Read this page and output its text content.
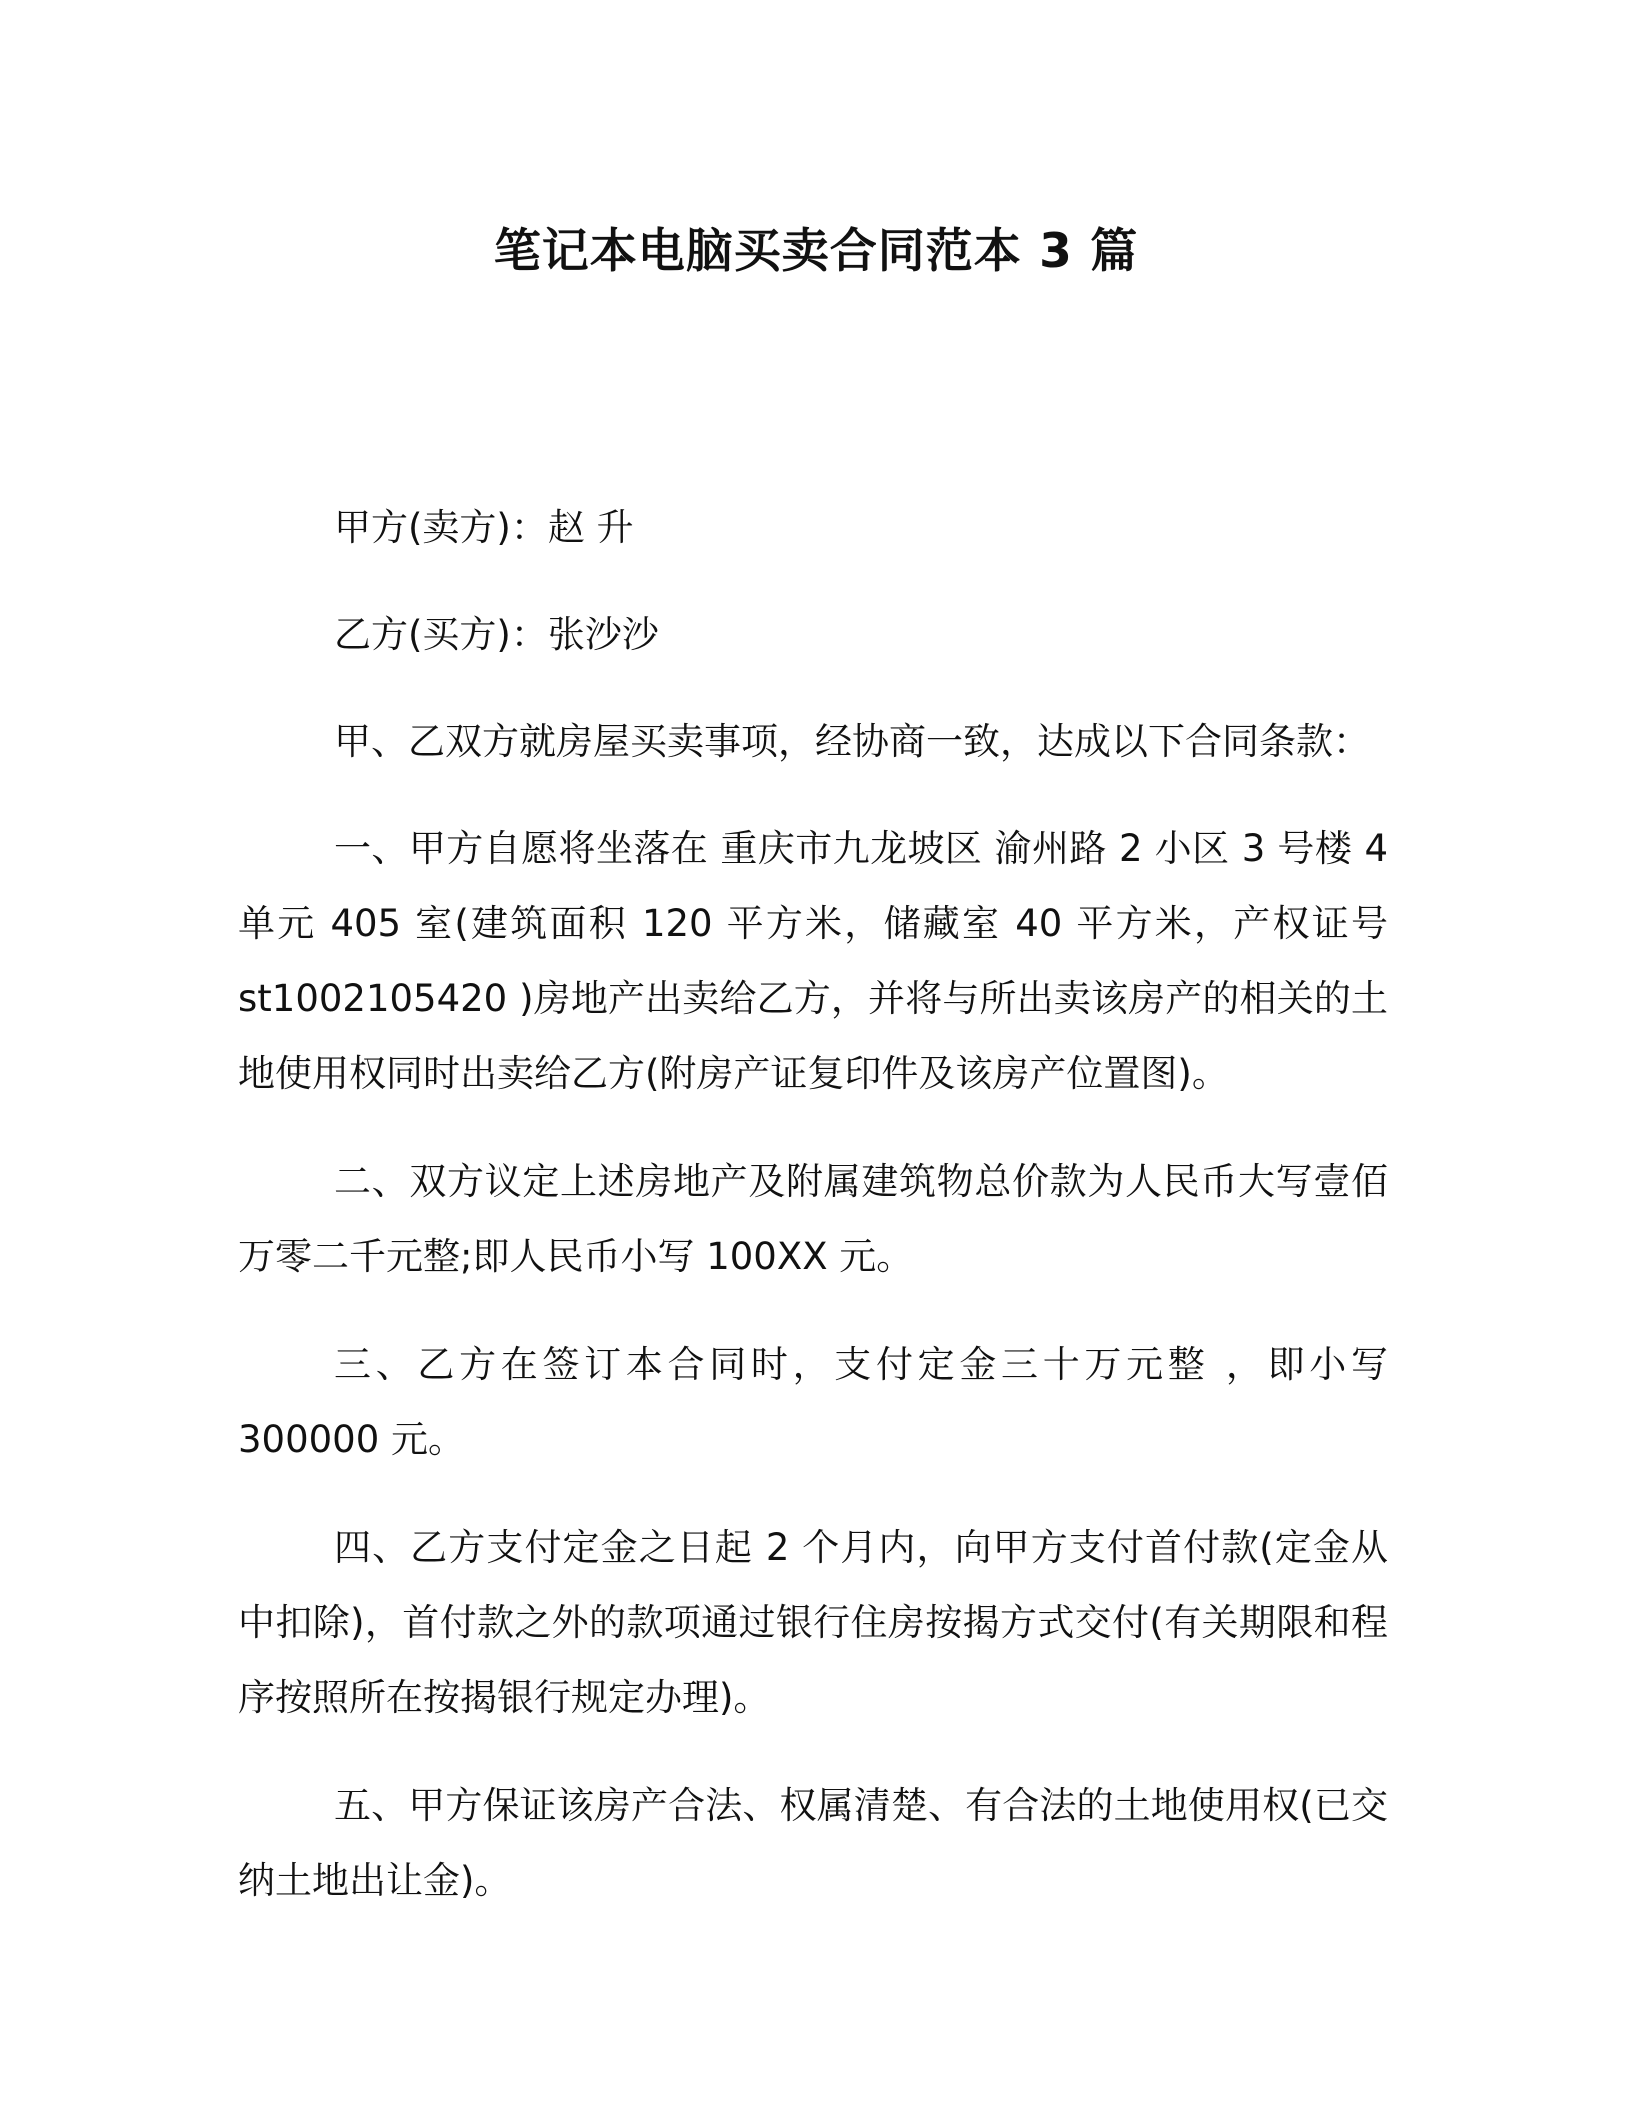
笔记本电脑买卖合同范本 3 篇

甲方(卖方)：赵 升

乙方(买方)：张沙沙

甲、乙双方就房屋买卖事项，经协商一致，达成以下合同条款：

一、甲方自愿将坐落在 重庆市九龙坡区 渝州路 2 小区 3 号楼 4 单元 405 室(建筑面积 120 平方米，储藏室 40 平方米，产权证号 st1002105420 )房地产出卖给乙方，并将与所出卖该房产的相关的土地使用权同时出卖给乙方(附房产证复印件及该房产位置图)。

二、双方议定上述房地产及附属建筑物总价款为人民币大写壹佰万零二千元整;即人民币小写 100XX 元。

三、乙方在签订本合同时，支付定金三十万元整 ，即小写 300000 元。

四、乙方支付定金之日起 2 个月内，向甲方支付首付款(定金从中扣除)，首付款之外的款项通过银行住房按揭方式交付(有关期限和程序按照所在按揭银行规定办理)。

五、甲方保证该房产合法、权属清楚、有合法的土地使用权(已交纳土地出让金)。
